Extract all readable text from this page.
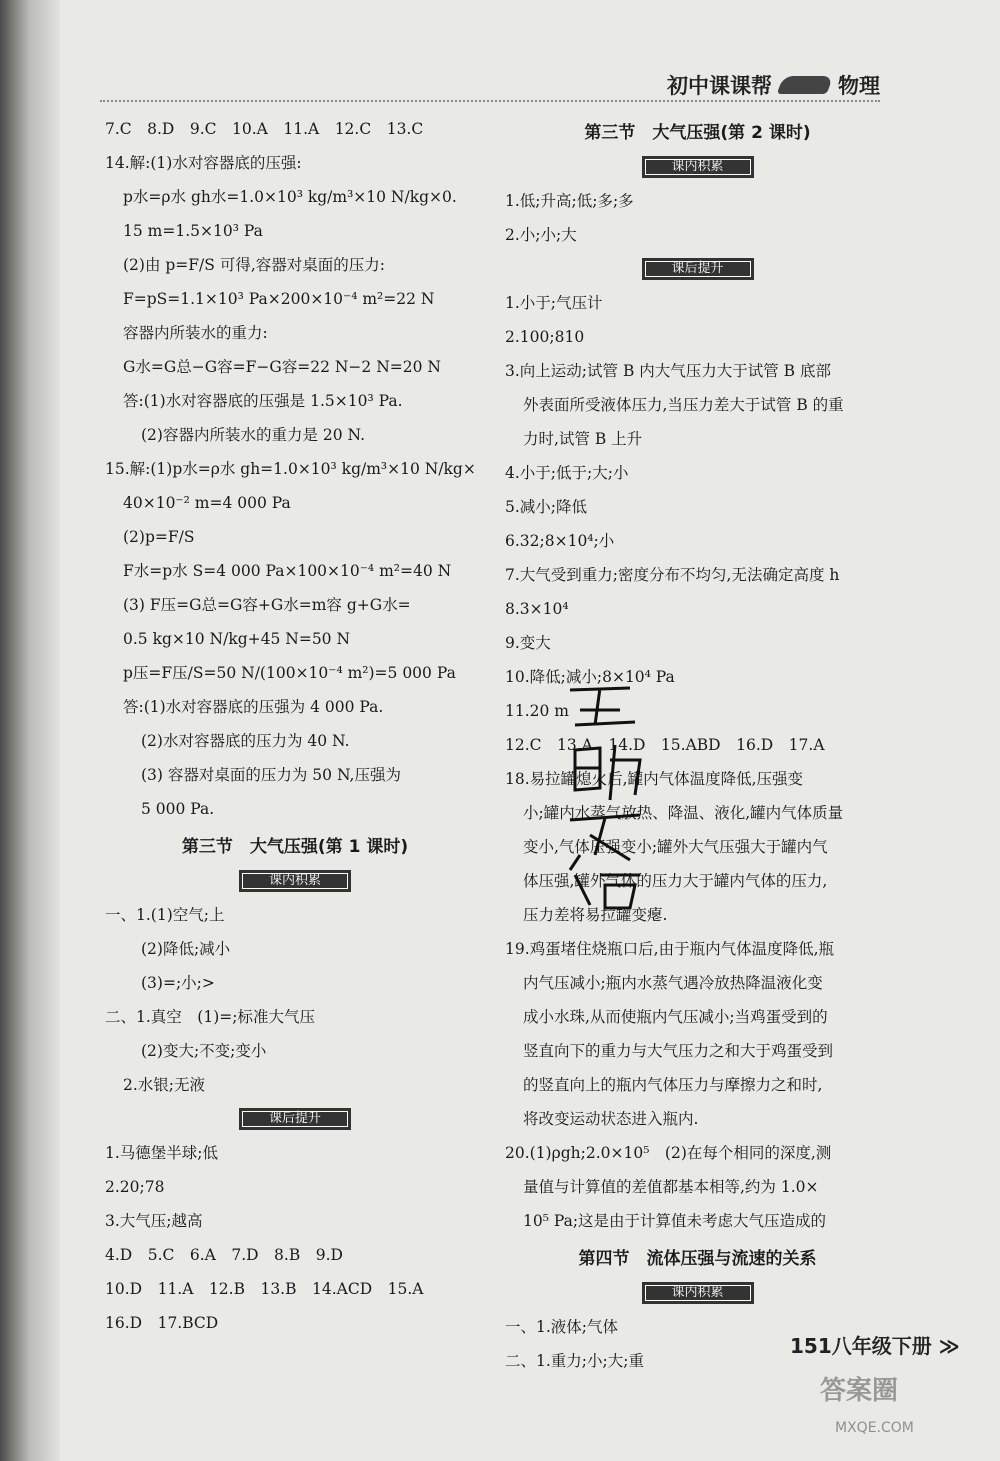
初中课课帮	物理
7.C　8.D　9.C　10.A　11.A　12.C　13.C
14.解:(1)水对容器底的压强:
p水=ρ水 gh水=1.0×10³ kg/m³×10 N/kg×0.
15 m=1.5×10³ Pa
(2)由 p=F/S 可得,容器对桌面的压力:
F=pS=1.1×10³ Pa×200×10⁻⁴ m²=22 N
容器内所装水的重力:
G水=G总−G容=F−G容=22 N−2 N=20 N
答:(1)水对容器底的压强是 1.5×10³ Pa.
(2)容器内所装水的重力是 20 N.
15.解:(1)p水=ρ水 gh=1.0×10³ kg/m³×10 N/kg×
40×10⁻² m=4 000 Pa
(2)p=F/S
F水=p水 S=4 000 Pa×100×10⁻⁴ m²=40 N
(3) F压=G总=G容+G水=m容 g+G水=
0.5 kg×10 N/kg+45 N=50 N
p压=F压/S=50 N/(100×10⁻⁴ m²)=5 000 Pa
答:(1)水对容器底的压强为 4 000 Pa.
(2)水对容器底的压力为 40 N.
(3) 容器对桌面的压力为 50 N,压强为
5 000 Pa.
第三节　大气压强(第 1 课时)
课内积累
一、1.(1)空气;上
(2)降低;减小
(3)=;小;>
二、1.真空　(1)=;标准大气压
(2)变大;不变;变小
2.水银;无液
课后提升
1.马德堡半球;低
2.20;78
3.大气压;越高
4.D　5.C　6.A　7.D　8.B　9.D
10.D　11.A　12.B　13.B　14.ACD　15.A
16.D　17.BCD
第三节　大气压强(第 2 课时)
课内积累
1.低;升高;低;多;多
2.小;小;大
课后提升
1.小于;气压计
2.100;810
3.向上运动;试管 B 内大气压力大于试管 B 底部
外表面所受液体压力,当压力差大于试管 B 的重
力时,试管 B 上升
4.小于;低于;大;小
5.减小;降低
6.32;8×10⁴;小
7.大气受到重力;密度分布不均匀,无法确定高度 h
8.3×10⁴
9.变大
10.降低;减小;8×10⁴ Pa
11.20 m
12.C　13.A　14.D　15.ABD　16.D　17.A
18.易拉罐熄火后,罐内气体温度降低,压强变
小;罐内水蒸气放热、降温、液化,罐内气体质量
变小,气体压强变小;罐外大气压强大于罐内气
体压强,罐外气体的压力大于罐内气体的压力,
压力差将易拉罐变瘪.
19.鸡蛋堵住烧瓶口后,由于瓶内气体温度降低,瓶
内气压减小;瓶内水蒸气遇冷放热降温液化变
成小水珠,从而使瓶内气压减小;当鸡蛋受到的
竖直向下的重力与大气压力之和大于鸡蛋受到
的竖直向上的瓶内气体压力与摩擦力之和时,
将改变运动状态进入瓶内.
20.(1)ρgh;2.0×10⁵　(2)在每个相同的深度,测
量值与计算值的差值都基本相等,约为 1.0×
10⁵ Pa;这是由于计算值未考虑大气压造成的
第四节　流体压强与流速的关系
课内积累
一、1.液体;气体
二、1.重力;小;大;重
151八年级下册 ≫
答案圈
MXQE.COM
